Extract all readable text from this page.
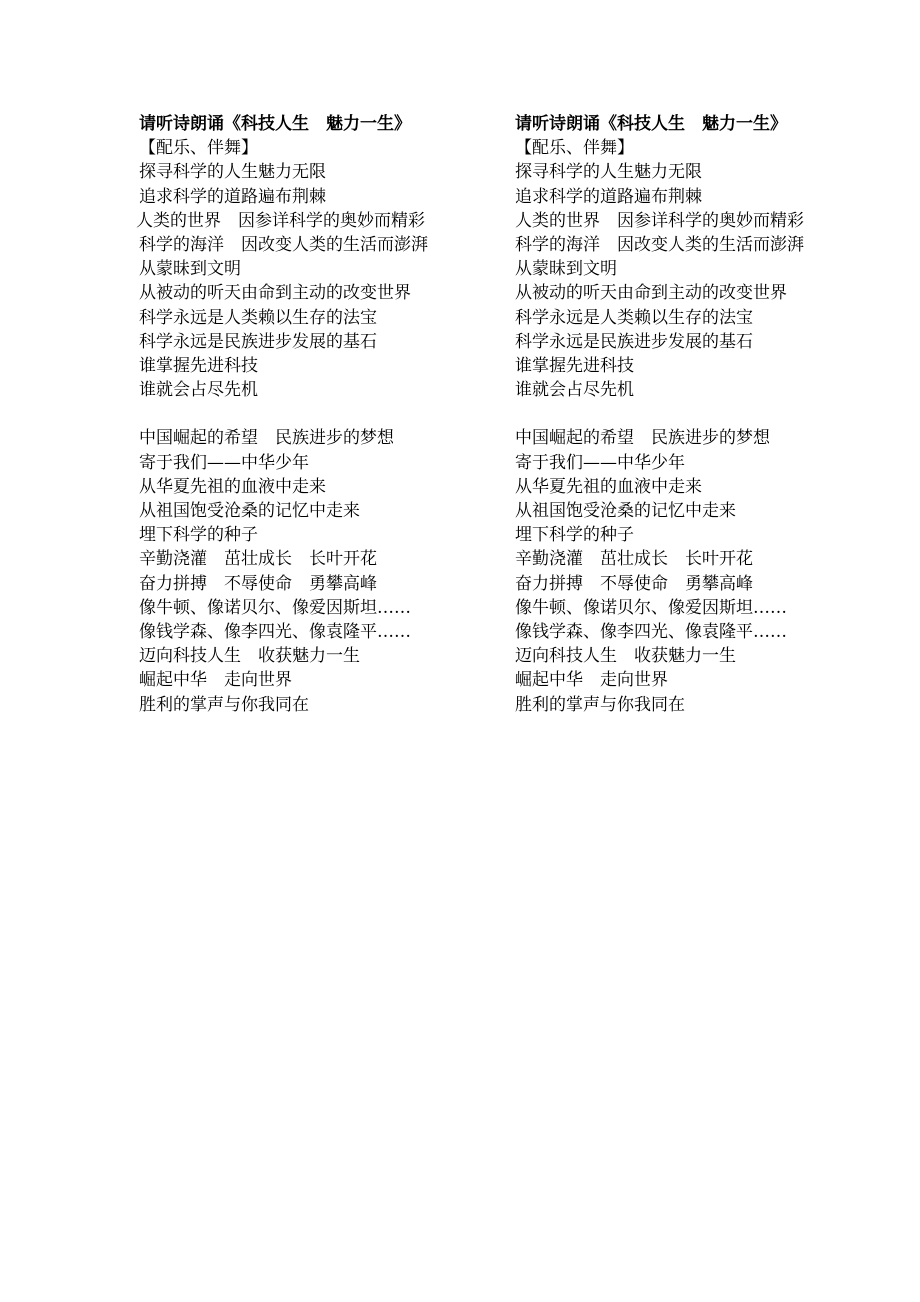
请听诗朗诵《科技人生　魅力一生》

【配乐、伴舞】

探寻科学的人生魅力无限

追求科学的道路遍布荆棘

人类的世界　因参详科学的奥妙而精彩

科学的海洋　因改变人类的生活而澎湃

从蒙昧到文明

从被动的听天由命到主动的改变世界

科学永远是人类赖以生存的法宝

科学永远是民族进步发展的基石

谁掌握先进科技

谁就会占尽先机

中国崛起的希望　民族进步的梦想

寄于我们——中华少年

从华夏先祖的血液中走来

从祖国饱受沧桑的记忆中走来

埋下科学的种子

辛勤浇灌　茁壮成长　长叶开花

奋力拼搏　不辱使命　勇攀高峰

像牛顿、像诺贝尔、像爱因斯坦……

像钱学森、像李四光、像袁隆平……

迈向科技人生　收获魅力一生

崛起中华　走向世界

胜利的掌声与你我同在

请听诗朗诵《科技人生　魅力一生》

【配乐、伴舞】

探寻科学的人生魅力无限

追求科学的道路遍布荆棘

人类的世界　因参详科学的奥妙而精彩

科学的海洋　因改变人类的生活而澎湃

从蒙昧到文明

从被动的听天由命到主动的改变世界

科学永远是人类赖以生存的法宝

科学永远是民族进步发展的基石

谁掌握先进科技

谁就会占尽先机

中国崛起的希望　民族进步的梦想

寄于我们——中华少年

从华夏先祖的血液中走来

从祖国饱受沧桑的记忆中走来

埋下科学的种子

辛勤浇灌　茁壮成长　长叶开花

奋力拼搏　不辱使命　勇攀高峰

像牛顿、像诺贝尔、像爱因斯坦……

像钱学森、像李四光、像袁隆平……

迈向科技人生　收获魅力一生

崛起中华　走向世界

胜利的掌声与你我同在
